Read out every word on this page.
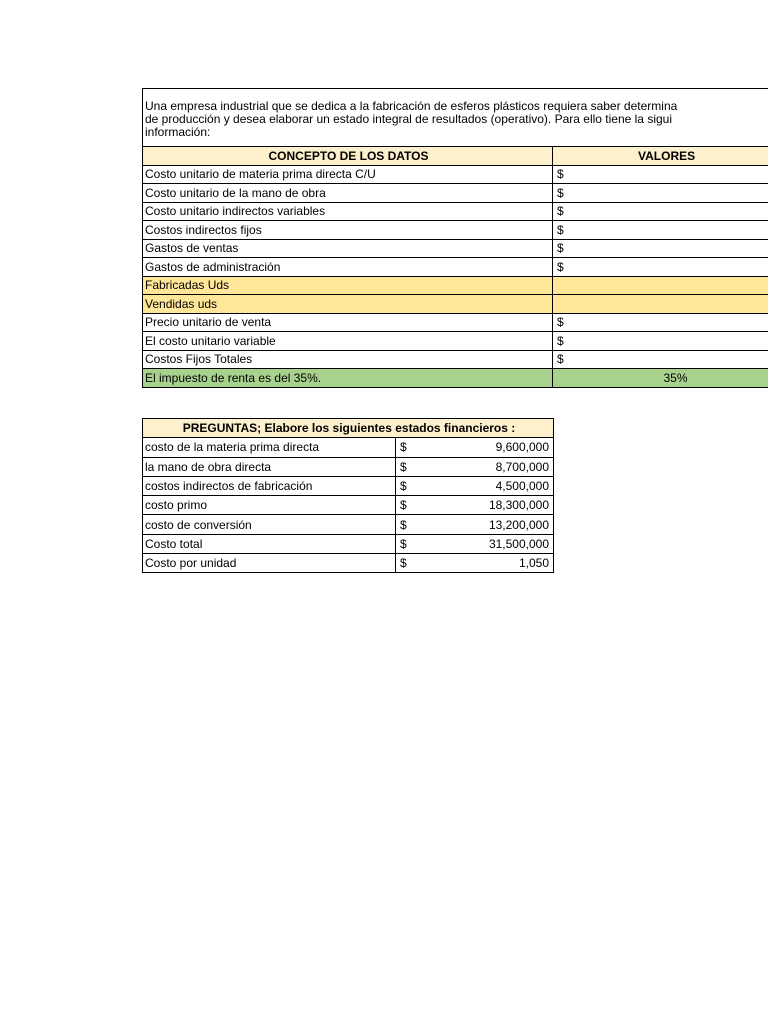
Una empresa industrial que se dedica a la fabricación de esferos plásticos requiera saber determina
de producción y desea elaborar un estado integral de resultados (operativo). Para ello tiene la sigui
información:
CONCEPTO DE LOS DATOS	VALORES
Costo unitario de materia prima directa C/U	$
Costo unitario de la mano de obra	$
Costo unitario indirectos variables	$
Costos indirectos fijos	$
Gastos de ventas	$
Gastos de administración	$
Fabricadas Uds	
Vendidas uds	
Precio unitario de venta	$
El costo unitario variable	$
Costos Fijos Totales	$
El impuesto de renta es del 35%.	35%
PREGUNTAS; Elabore los siguientes estados financieros :		
costo de la materia prima directa	$	9,600,000
la mano de obra directa	$	8,700,000
costos indirectos de fabricación	$	4,500,000
costo primo	$	18,300,000
costo de conversión	$	13,200,000
Costo total	$	31,500,000
Costo por unidad	$	1,050
